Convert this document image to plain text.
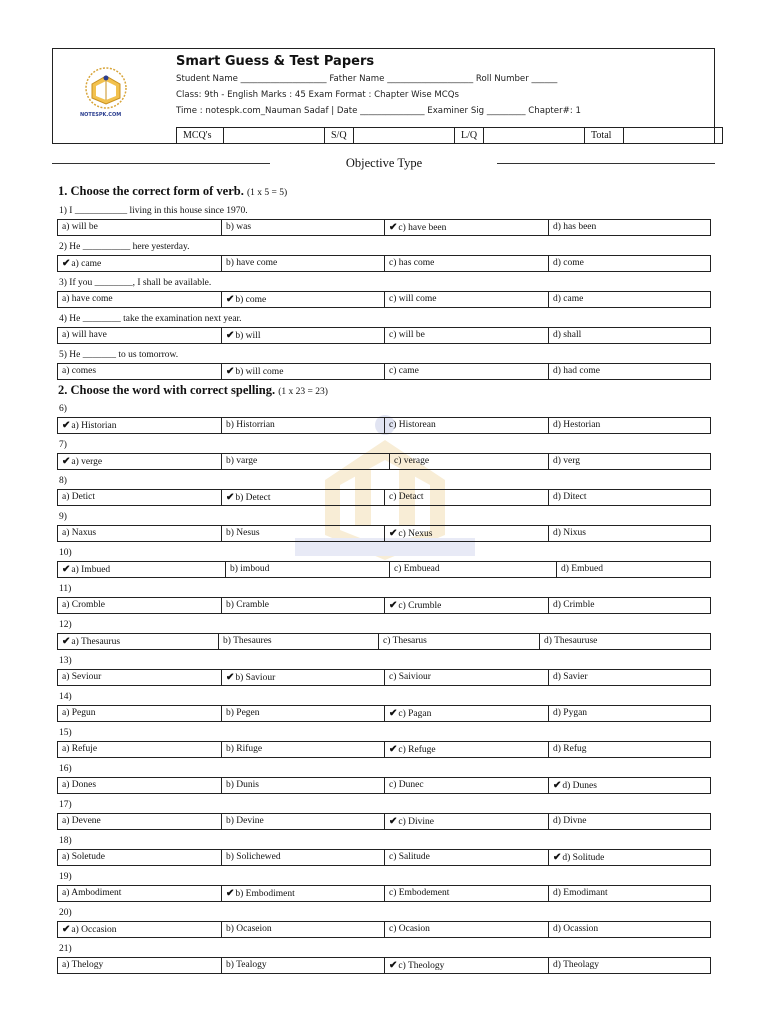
NOTESPK.COM
Smart Guess & Test Papers
Student Name ____________________ Father Name ____________________ Roll Number ______
Class: 9th - English Marks : 45 Exam Format : Chapter Wise MCQs
Time : notespk.com_Nauman Sadaf | Date _______________ Examiner Sig _________ Chapter#: 1
MCQ's		S/Q		L/Q		Total	
Objective Type
1. Choose the correct form of verb. (1 x 5 = 5)
2. Choose the word with correct spelling. (1 x 23 = 23)
1) I ___________ living in this house since 1970.
a) will be	b) was	✔c) have been	d) has been
2) He __________ here yesterday.
✔a) came	b) have come	c) has come	d) come
3) If you ________, I shall be available.
a) have come	✔b) come	c) will come	d) came
4) He ________ take the examination next year.
a) will have	✔b) will	c) will be	d) shall
5) He _______ to us tomorrow.
a) comes	✔b) will come	c) came	d) had come
6)
✔a) Historian	b) Historrian	c) Historean	d) Hestorian
7)
✔a) verge	b) varge	c) verage	d) verg
8)
a) Detict	✔b) Detect	c) Detact	d) Ditect
9)
a) Naxus	b) Nesus	✔c) Nexus	d) Nixus
10)
✔a) Imbued	b) imboud	c) Embuead	d) Embued
11)
a) Cromble	b) Cramble	✔c) Crumble	d) Crimble
12)
✔a) Thesaurus	b) Thesaures	c) Thesarus	d) Thesauruse
13)
a) Seviour	✔b) Saviour	c) Saiviour	d) Savier
14)
a) Pegun	b) Pegen	✔c) Pagan	d) Pygan
15)
a) Refuje	b) Rifuge	✔c) Refuge	d) Refug
16)
a) Dones	b) Dunis	c) Dunec	✔d) Dunes
17)
a) Devene	b) Devine	✔c) Divine	d) Divne
18)
a) Soletude	b) Solichewed	c) Salitude	✔d) Solitude
19)
a) Ambodiment	✔b) Embodiment	c) Embodement	d) Emodimant
20)
✔a) Occasion	b) Ocaseion	c) Ocasion	d) Ocassion
21)
a) Thelogy	b) Tealogy	✔c) Theology	d) Theolagy
